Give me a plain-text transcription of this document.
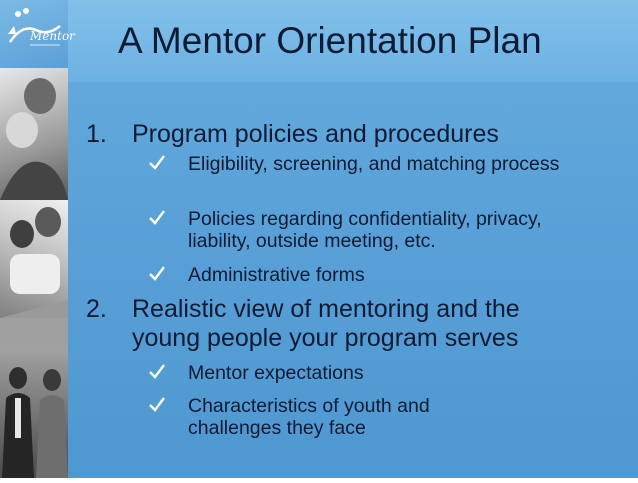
Mentor A Mentor Orientation Plan
1. Program policies and procedures
Eligibility, screening, and matching process
Policies regarding confidentiality, privacy, liability, outside meeting, etc.
Administrative forms
2. Realistic view of mentoring and the young people your program serves
Mentor expectations
Characteristics of youth and challenges they face
